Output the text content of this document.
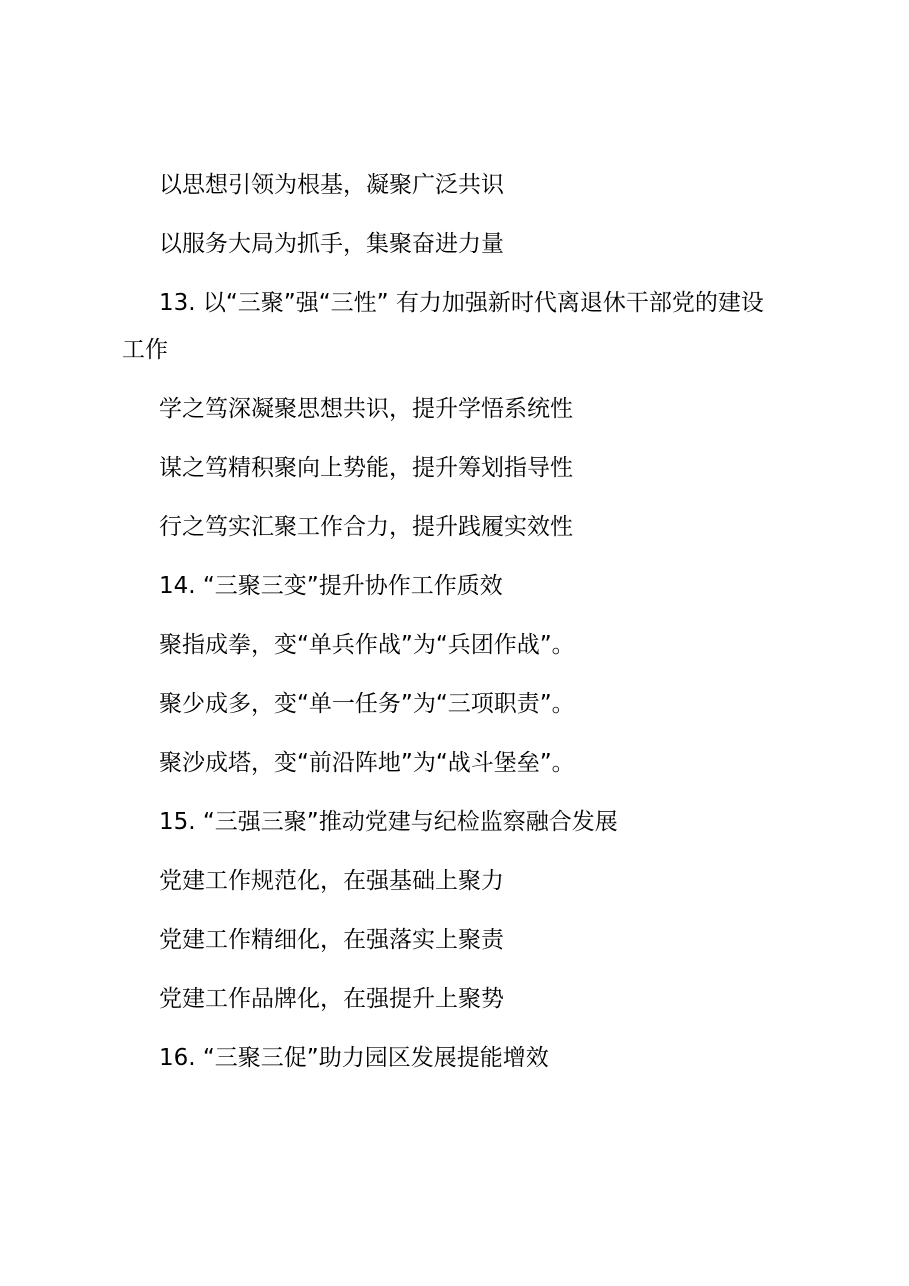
以思想引领为根基，凝聚广泛共识

以服务大局为抓手，集聚奋进力量

13. 以“三聚”强“三性” 有力加强新时代离退休干部党的建设工作

学之笃深凝聚思想共识，提升学悟系统性

谋之笃精积聚向上势能，提升筹划指导性

行之笃实汇聚工作合力，提升践履实效性

14. “三聚三变”提升协作工作质效

聚指成拳，变“单兵作战”为“兵团作战”。

聚少成多，变“单一任务”为“三项职责”。

聚沙成塔，变“前沿阵地”为“战斗堡垒”。

15. “三强三聚”推动党建与纪检监察融合发展

党建工作规范化，在强基础上聚力

党建工作精细化，在强落实上聚责

党建工作品牌化，在强提升上聚势

16. “三聚三促”助力园区发展提能增效
